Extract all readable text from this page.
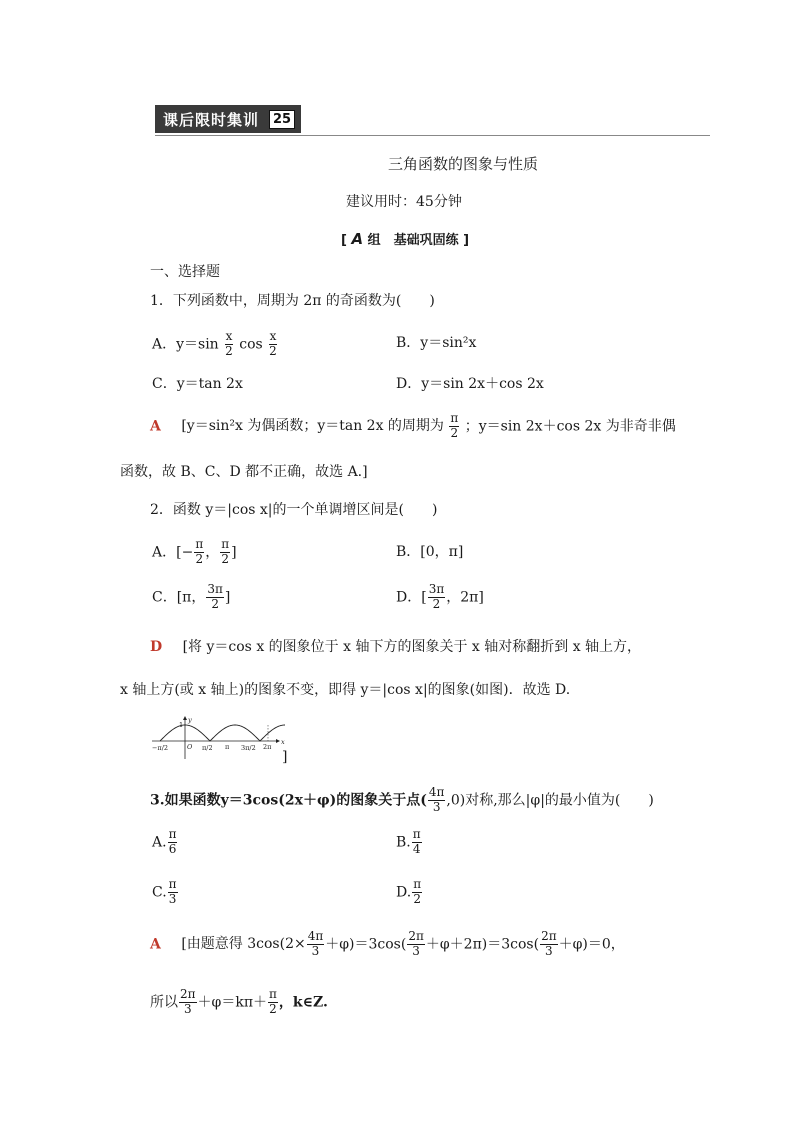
课后限时集训	25
三角函数的图象与性质
建议用时：45分钟
[ A 组　基础巩固练 ]
一、选择题
1．下列函数中，周期为 2π 的奇函数为(　　)
A．$y=\sin \frac{x}{2}$ $\cos \frac{x}{2}$	B．y＝sin²x
C．y＝tan 2x	D．y＝sin 2x＋cos 2x
A [y＝sin²x 为偶函数；y＝tan 2x 的周期为 $\frac{\pi}{2}$ ；y＝sin 2x＋cos 2x 为非奇非偶
函数，故 B、C、D 都不正确，故选 A.]
2．函数 y＝|cos x|的一个单调增区间是(　　)
A．[− $\frac{\pi}{2}$ ， $\frac{\pi}{2}$ ]	B．[0，π]
C．[π， $\frac{3\pi}{2}$ ]	D．[ $\frac{3\pi}{2}$ ，2π]
D [将 y＝cos x 的图象位于 x 轴下方的图象关于 x 轴对称翻折到 x 轴上方，
x 轴上方(或 x 轴上)的图象不变，即得 y＝|cos x|的图象(如图)．故选 D.
−π/2	O π/2 π 3π/2 2π
x
y
1
]
3.如果函数y＝3cos(2x＋φ)的图象关于点( $\frac{4\pi}{3} ,0$)对称,那么|φ|的最小值为(　　)
A. $\frac{\pi}{6}$	B. $\frac{\pi}{4}$
C. $\frac{\pi}{3}$	D. $\frac{\pi}{2}$
A [由题意得 $3\cos(2\times \frac{4\pi}{3} +\varphi)=3\cos( \frac{2\pi}{3} +\varphi+2\pi)=3\cos( \frac{2\pi}{3} +\varphi)=0$，
所以 $\frac{2\pi}{3} +\varphi=k\pi+ \frac{\pi}{2}$ ，k∈Z.
